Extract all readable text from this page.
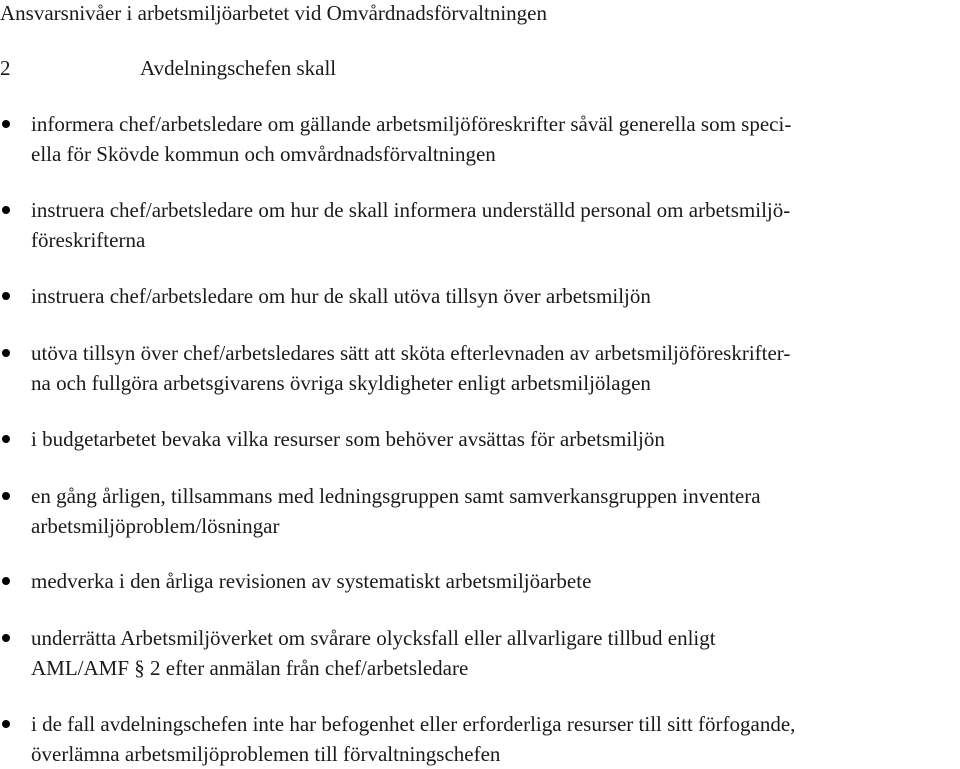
Ansvarsnivåer i arbetsmiljöarbetet vid Omvårdnadsförvaltningen
2	Avdelningschefen skall
informera chef/arbetsledare om gällande arbetsmiljöföreskrifter såväl generella som speci-
ella för Skövde kommun och omvårdnadsförvaltningen
instruera chef/arbetsledare om hur de skall informera underställd personal om arbetsmiljö-
föreskrifterna
instruera chef/arbetsledare om hur de skall utöva tillsyn över arbetsmiljön
utöva tillsyn över chef/arbetsledares sätt att sköta efterlevnaden av arbetsmiljöföreskrifter-
na och fullgöra arbetsgivarens övriga skyldigheter enligt arbetsmiljölagen
i budgetarbetet bevaka vilka resurser som behöver avsättas för arbetsmiljön
en gång årligen, tillsammans med ledningsgruppen samt samverkansgruppen inventera
arbetsmiljöproblem/lösningar
medverka i den årliga revisionen av systematiskt arbetsmiljöarbete
underrätta Arbetsmiljöverket om svårare olycksfall eller allvarligare tillbud enligt
AML/AMF § 2 efter anmälan från chef/arbetsledare
i de fall avdelningschefen inte har befogenhet eller erforderliga resurser till sitt förfogande,
överlämna arbetsmiljöproblemen till förvaltningschefen
